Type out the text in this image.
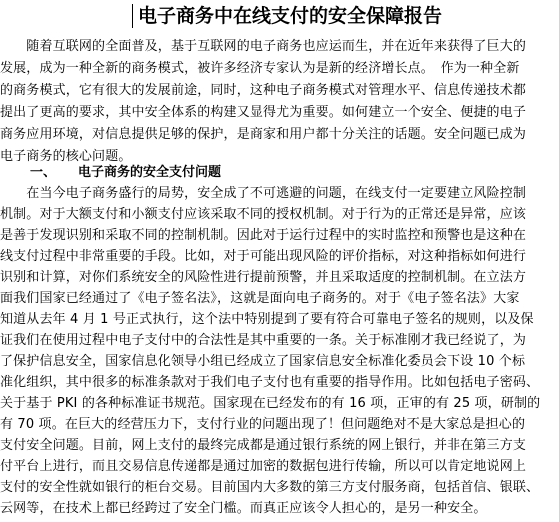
电子商务中在线支付的安全保障报告
　　随着互联网的全面普及，基于互联网的电子商务也应运而生，并在近年来获得了巨大的
发展，成为一种全新的商务模式，被许多经济专家认为是新的经济增长点。　作为一种全新
的商务模式，它有很大的发展前途，同时，这种电子商务模式对管理水平、信息传递技术都
提出了更高的要求，其中安全体系的构建又显得尤为重要。如何建立一个安全、便捷的电子
商务应用环境，对信息提供足够的保护，是商家和用户都十分关注的话题。安全问题已成为
电子商务的核心问题。
一、 电子商务的安全支付问题
　　在当今电子商务盛行的局势，安全成了不可逃避的问题，在线支付一定要建立风险控制
机制。对于大额支付和小额支付应该采取不同的授权机制。对于行为的正常还是异常，应该
是善于发现识别和采取不同的控制机制。因此对于运行过程中的实时监控和预警也是这种在
线支付过程中非常重要的手段。比如，对于可能出现风险的评价指标，对这种指标如何进行
识别和计算，对你们系统安全的风险性进行提前预警，并且采取适度的控制机制。在立法方
面我们国家已经通过了《电子签名法》，这就是面向电子商务的。对于《电子签名法》大家
知道从去年 4 月 1 号正式执行，这个法中特别提到了要有符合可靠电子签名的规则，以及保
证我们在使用过程中电子支付中的合法性是其中重要的一条。关于标准刚才我已经说了，为
了保护信息安全，国家信息化领导小组已经成立了国家信息安全标准化委员会下设 10 个标
准化组织，其中很多的标准条款对于我们电子支付也有重要的指导作用。比如包括电子密码、
关于基于 PKI 的各种标准证书规范。国家现在已经发布的有 16 项，正审的有 25 项，研制的
有 70 项。在巨大的经营压力下，支付行业的问题出现了！但问题绝对不是大家总是担心的
支付安全问题。目前，网上支付的最终完成都是通过银行系统的网上银行，并非在第三方支
付平台上进行，而且交易信息传递都是通过加密的数据包进行传输，所以可以肯定地说网上
支付的安全性就如银行的柜台交易。目前国内大多数的第三方支付服务商，包括首信、银联、
云网等，在技术上都已经跨过了安全门槛。而真正应该令人担心的，是另一种安全。
